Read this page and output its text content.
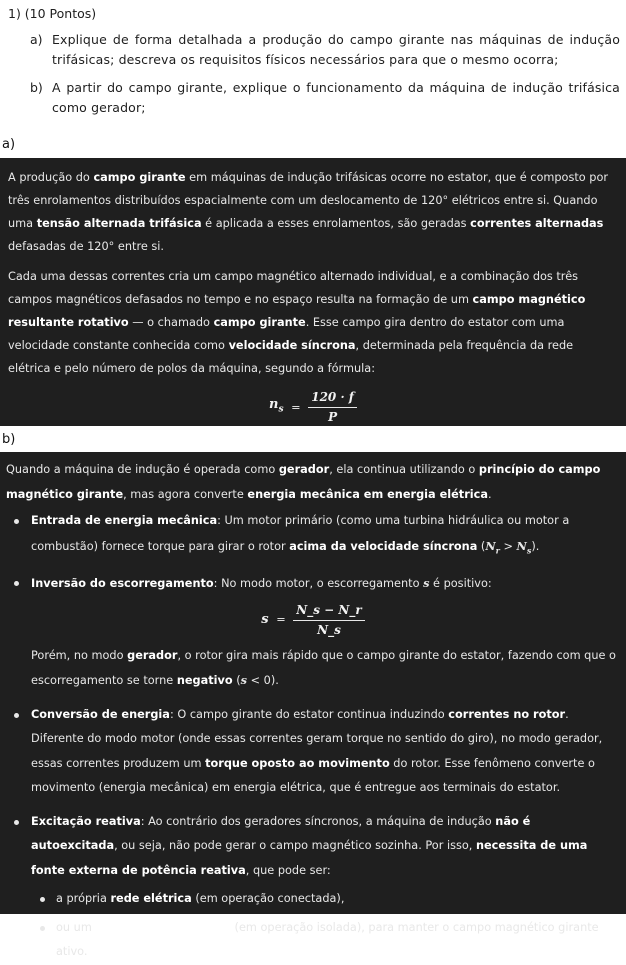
1) (10 Pontos)
a) Explique de forma detalhada a produção do campo girante nas máquinas de indução trifásicas; descreva os requisitos físicos necessários para que o mesmo ocorra;
b) A partir do campo girante, explique o funcionamento da máquina de indução trifásica como gerador;
a)

A produção do campo girante em máquinas de indução trifásicas ocorre no estator, que é composto por três enrolamentos distribuídos espacialmente com um deslocamento de 120° elétricos entre si. Quando uma tensão alternada trifásica é aplicada a esses enrolamentos, são geradas correntes alternadas defasadas de 120° entre si.

Cada uma dessas correntes cria um campo magnético alternado individual, e a combinação dos três campos magnéticos defasados no tempo e no espaço resulta na formação de um campo magnético resultante rotativo — o chamado campo girante. Esse campo gira dentro do estator com uma velocidade constante conhecida como velocidade síncrona, determinada pela frequência da rede elétrica e pelo número de polos da máquina, segundo a fórmula:

$n_s = \frac{120 \cdot f}{P}$
b)

Quando a máquina de indução é operada como gerador, ela continua utilizando o princípio do campo magnético girante, mas agora converte energia mecânica em energia elétrica.

Entrada de energia mecânica: Um motor primário (como uma turbina hidráulica ou motor a combustão) fornece torque para girar o rotor acima da velocidade síncrona $(N_r > N_s)$.
Inversão do escorregamento: No modo motor, o escorregamento s é positivo:
$s = \frac{N\_s - N\_r}{N\_s}$
Porém, no modo gerador, o rotor gira mais rápido que o campo girante do estator, fazendo com que o escorregamento se torne negativo (s < 0).
Conversão de energia: O campo girante do estator continua induzindo correntes no rotor. Diferente do modo motor (onde essas correntes geram torque no sentido do giro), no modo gerador, essas correntes produzem um torque oposto ao movimento do rotor. Esse fenômeno converte o movimento (energia mecânica) em energia elétrica, que é entregue aos terminais do estator.
Excitação reativa: Ao contrário dos geradores síncronos, a máquina de indução não é autoexcitada, ou seja, não pode gerar o campo magnético sozinha. Por isso, necessita de uma fonte externa de potência reativa, que pode ser:
a própria rede elétrica (em operação conectada),
ou um banco de capacitores (em operação isolada), para manter o campo magnético girante ativo.
